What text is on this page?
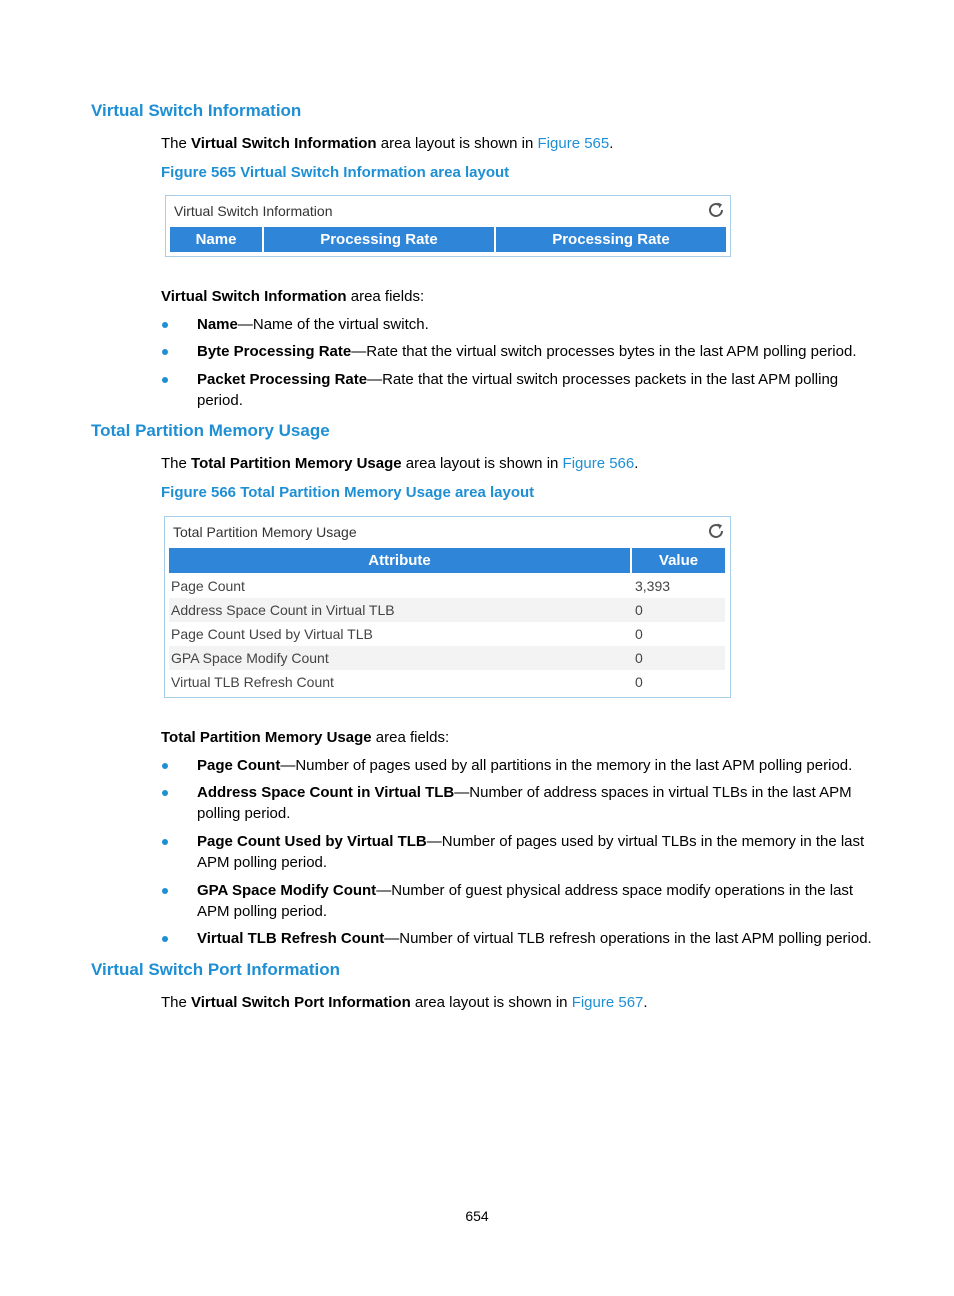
Virtual Switch Information
The Virtual Switch Information area layout is shown in Figure 565.
Figure 565 Virtual Switch Information area layout
Virtual Switch Information
Name	Processing Rate	Processing Rate
Virtual Switch Information area fields:
Name—Name of the virtual switch.
Byte Processing Rate—Rate that the virtual switch processes bytes in the last APM polling period.
Packet Processing Rate—Rate that the virtual switch processes packets in the last APM polling period.
Total Partition Memory Usage
The Total Partition Memory Usage area layout is shown in Figure 566.
Figure 566 Total Partition Memory Usage area layout
Total Partition Memory Usage
Attribute	Value
Page Count	3,393
Address Space Count in Virtual TLB	0
Page Count Used by Virtual TLB	0
GPA Space Modify Count	0
Virtual TLB Refresh Count	0
Total Partition Memory Usage area fields:
Page Count—Number of pages used by all partitions in the memory in the last APM polling period.
Address Space Count in Virtual TLB—Number of address spaces in virtual TLBs in the last APM polling period.
Page Count Used by Virtual TLB—Number of pages used by virtual TLBs in the memory in the last APM polling period.
GPA Space Modify Count—Number of guest physical address space modify operations in the last APM polling period.
Virtual TLB Refresh Count—Number of virtual TLB refresh operations in the last APM polling period.
Virtual Switch Port Information
The Virtual Switch Port Information area layout is shown in Figure 567.
654
